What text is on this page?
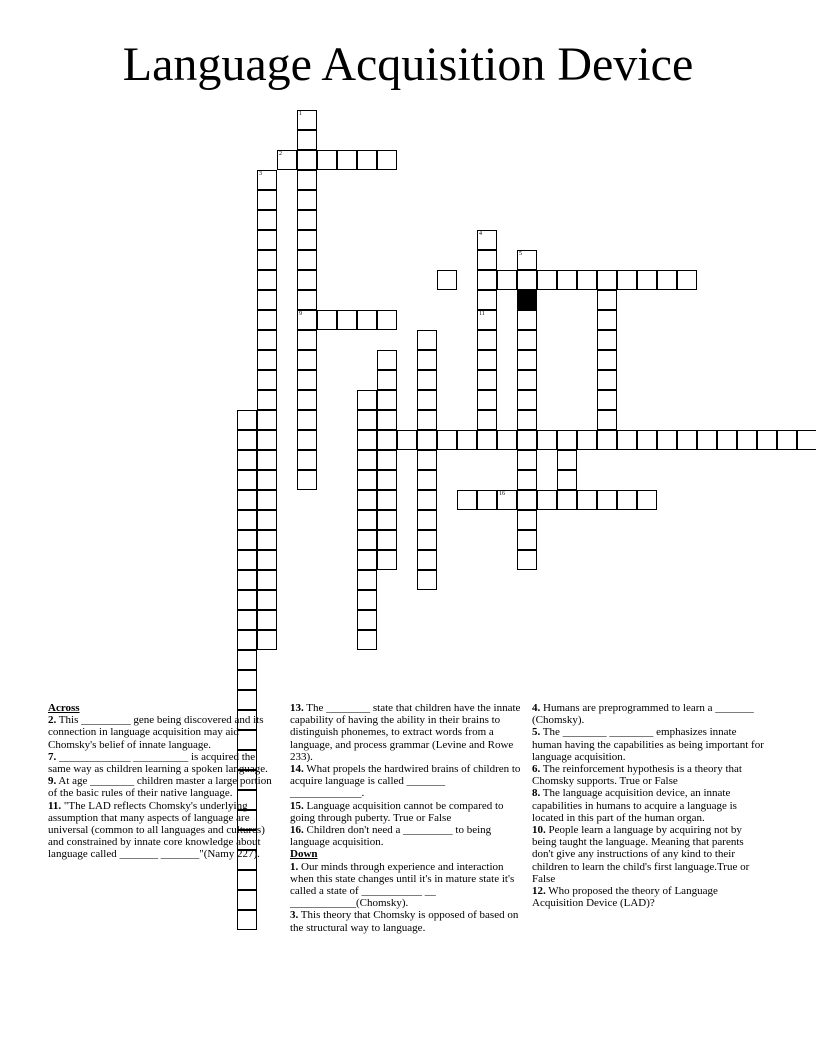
Language Acquisition Device
1
9
2
3
4
11
5
16

Across

2. This _________ gene being discovered and its connection in language acquisition may aid Chomsky's belief of innate language.

7. _____________ __________ is acquired the same way as children learning a spoken language.

9. At age ________ children master a large portion of the basic rules of their native language.

11. "The LAD reflects Chomsky's underlying assumption that many aspects of language are universal (common to all languages and cultures) and constrained by innate core knowledge about language called _______ _______"(Namy 227).

13. The ________ state that children have the innate capability of having the ability in their brains to distinguish phonemes, to extract words from a language, and process grammar (Levine and Rowe 233).

14. What propels the hardwired brains of children to acquire language is called _______ _____________.

15. Language acquisition cannot be compared to going through puberty. True or False

16. Children don't need a _________ to being language acquisition.

Down

1. Our minds through experience and interaction when this state changes until it's in mature state it's called a state of ___________ __ ____________(Chomsky).

3. This theory that Chomsky is opposed of based on the structural way to language.

4. Humans are preprogrammed to learn a _______ (Chomsky).

5. The ________ ________ emphasizes innate human having the capabilities as being important for language acquisition.

6. The reinforcement hypothesis is a theory that Chomsky supports. True or False

8. The language acquisition device, an innate capabilities in humans to acquire a language is located in this part of the human organ.

10. People learn a language by acquiring not by being taught the language. Meaning that parents don't give any instructions of any kind to their children to learn the child's first language.True or False

12. Who proposed the theory of Language Acquisition Device (LAD)?
